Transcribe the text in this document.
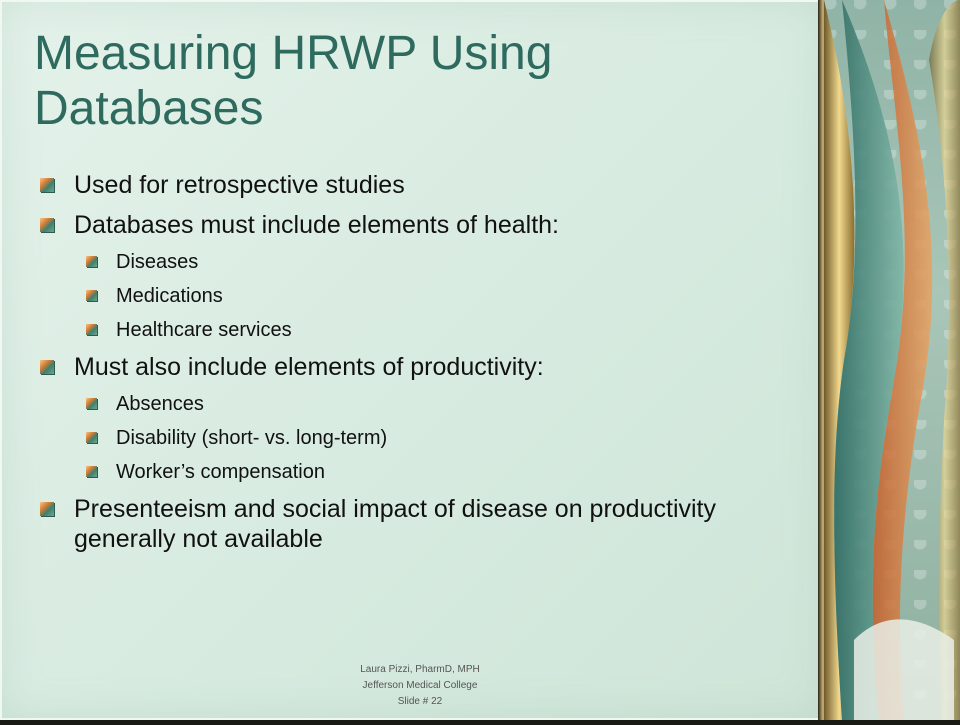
Measuring HRWP Using Databases
Used for retrospective studies
Databases must include elements of health:
Diseases
Medications
Healthcare services
Must also include elements of productivity:
Absences
Disability (short- vs. long-term)
Worker’s compensation
Presenteeism and social impact of disease on productivity generally not available
Laura Pizzi, PharmD, MPH
Jefferson Medical College
Slide # 22
